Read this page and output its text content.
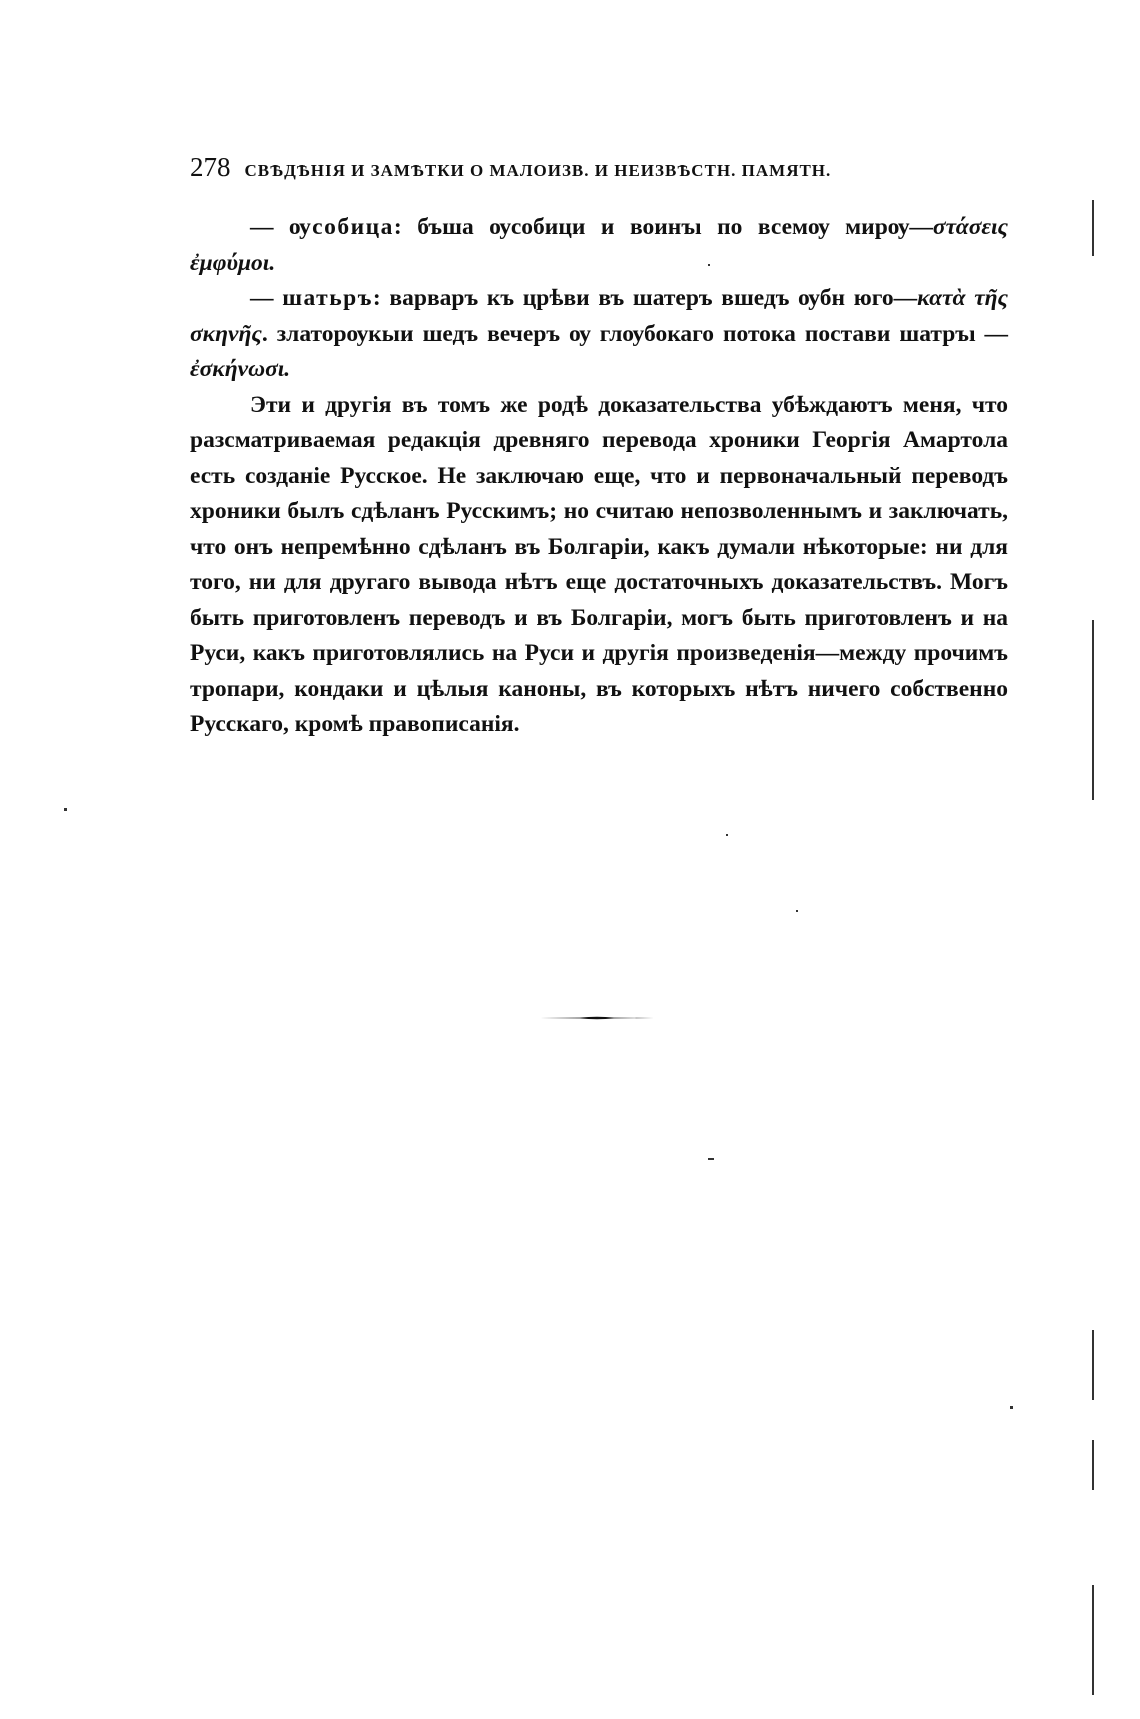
278 СВѢДѢНІЯ И ЗАМѢТКИ О МАЛОИЗВ. И НЕИЗВѢСТН. ПАМЯТН.

— ѹсобица: бъша ѹсобици и воинъı по всемѹ мирѹ—στάσεις ἐμφύμοι.

— шатьръ: варваръ къ црѣви въ шатеръ вшедъ ѹбн юго—κατὰ τῆς σκηνῆς. златорѹкыи шедъ вечеръ ѹ глѹбокаго потока постави шатръı — ἐσκήνωσι.

Эти и другія въ томъ же родѣ доказательства убѣждаютъ меня, что разсматриваемая редакція древняго перевода хроники Георгія Амартола есть созданіе Русское. Не заключаю еще, что и первоначальный переводъ хроники былъ сдѣланъ Русскимъ; но считаю непозволеннымъ и заключать, что онъ непремѣнно сдѣланъ въ Болгаріи, какъ думали нѣкоторые: ни для того, ни для другаго вывода нѣтъ еще достаточныхъ доказательствъ. Могъ быть приготовленъ переводъ и въ Болгаріи, могъ быть приготовленъ и на Руси, какъ приготовлялись на Руси и другія произведенія—между прочимъ тропари, кондаки и цѣлыя каноны, въ которыхъ нѣтъ ничего собственно Русскаго, кромѣ правописанія.
